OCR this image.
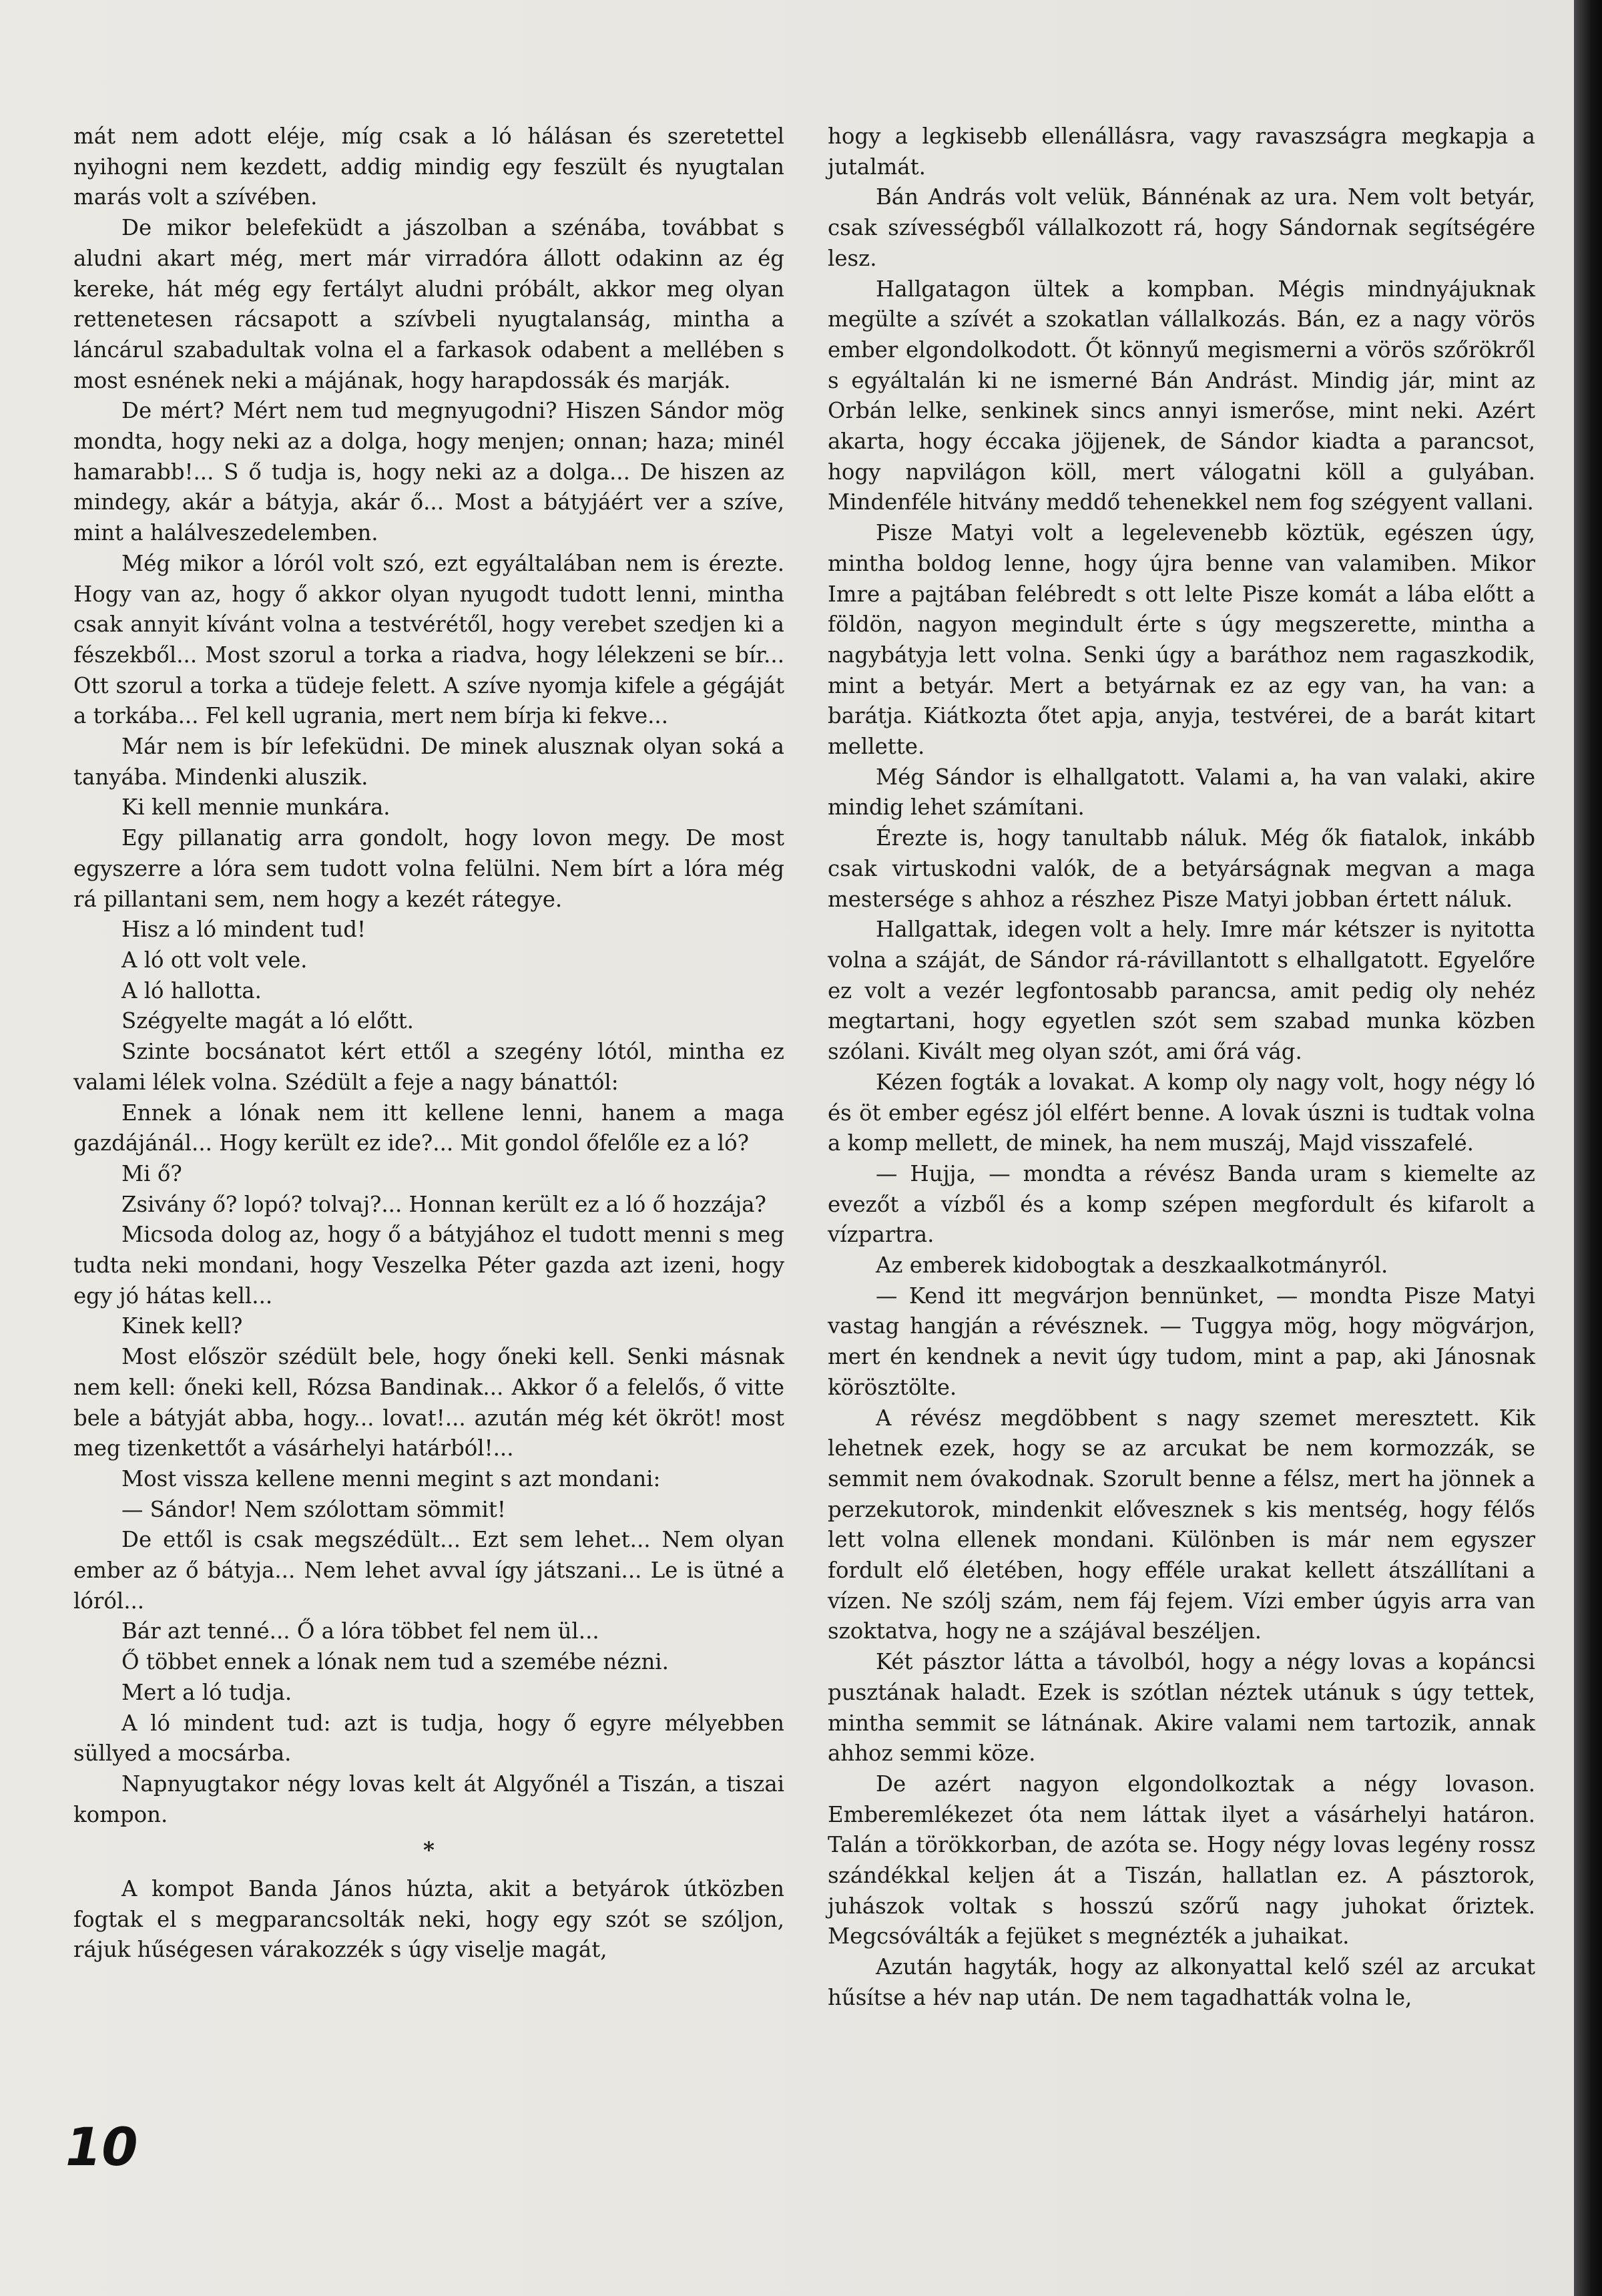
mát nem adott eléje, míg csak a ló hálásan és szeretettel nyihogni nem kezdett, addig mindig egy feszült és nyugtalan marás volt a szívében.

De mikor belefeküdt a jászolban a szénába, továbbat s aludni akart még, mert már virradóra állott odakinn az ég kereke, hát még egy fertályt aludni próbált, akkor meg olyan rettenetesen rácsapott a szívbeli nyugtalanság, mintha a láncárul szabadultak volna el a farkasok odabent a mellében s most esnének neki a májának, hogy harapdossák és marják.

De mért? Mért nem tud megnyugodni? Hiszen Sándor mög mondta, hogy neki az a dolga, hogy menjen; onnan; haza; minél hamarabb!... S ő tudja is, hogy neki az a dolga... De hiszen az mindegy, akár a bátyja, akár ő... Most a bátyjáért ver a szíve, mint a halálveszedelemben.

Még mikor a lóról volt szó, ezt egyáltalában nem is érezte. Hogy van az, hogy ő akkor olyan nyugodt tudott lenni, mintha csak annyit kívánt volna a testvérétől, hogy verebet szedjen ki a fészekből... Most szorul a torka a riadva, hogy lélekzeni se bír... Ott szorul a torka a tüdeje felett. A szíve nyomja kifele a gégáját a torkába... Fel kell ugrania, mert nem bírja ki fekve...

Már nem is bír lefeküdni. De minek alusznak olyan soká a tanyába. Mindenki aluszik.

Ki kell mennie munkára.

Egy pillanatig arra gondolt, hogy lovon megy. De most egyszerre a lóra sem tudott volna felülni. Nem bírt a lóra még rá pillantani sem, nem hogy a kezét rátegye.

Hisz a ló mindent tud!

A ló ott volt vele.

A ló hallotta.

Szégyelte magát a ló előtt.

Szinte bocsánatot kért ettől a szegény lótól, mintha ez valami lélek volna. Szédült a feje a nagy bánattól:

Ennek a lónak nem itt kellene lenni, hanem a maga gazdájánál... Hogy került ez ide?... Mit gondol őfelőle ez a ló?

Mi ő?

Zsivány ő? lopó? tolvaj?... Honnan került ez a ló ő hozzája?

Micsoda dolog az, hogy ő a bátyjához el tudott menni s meg tudta neki mondani, hogy Veszelka Péter gazda azt izeni, hogy egy jó hátas kell...

Kinek kell?

Most először szédült bele, hogy őneki kell. Senki másnak nem kell: őneki kell, Rózsa Bandinak... Akkor ő a felelős, ő vitte bele a bátyját abba, hogy... lovat!... azután még két ökröt! most meg tizenkettőt a vásárhelyi határból!...

Most vissza kellene menni megint s azt mondani:

— Sándor! Nem szólottam sömmit!

De ettől is csak megszédült... Ezt sem lehet... Nem olyan ember az ő bátyja... Nem lehet avval így játszani... Le is ütné a lóról...

Bár azt tenné... Ő a lóra többet fel nem ül...

Ő többet ennek a lónak nem tud a szemébe nézni.

Mert a ló tudja.

A ló mindent tud: azt is tudja, hogy ő egyre mélyebben süllyed a mocsárba.

Napnyugtakor négy lovas kelt át Algyőnél a Tiszán, a tiszai kompon.

*

A kompot Banda János húzta, akit a betyárok útközben fogtak el s megparancsolták neki, hogy egy szót se szóljon, rájuk hűségesen várakozzék s úgy viselje magát,

hogy a legkisebb ellenállásra, vagy ravaszságra megkapja a jutalmát.

Bán András volt velük, Bánnénak az ura. Nem volt betyár, csak szívességből vállalkozott rá, hogy Sándornak segítségére lesz.

Hallgatagon ültek a kompban. Mégis mindnyájuknak megülte a szívét a szokatlan vállalkozás. Bán, ez a nagy vörös ember elgondolkodott. Őt könnyű megismerni a vörös szőrökről s egyáltalán ki ne ismerné Bán Andrást. Mindig jár, mint az Orbán lelke, senkinek sincs annyi ismerőse, mint neki. Azért akarta, hogy éccaka jöjjenek, de Sándor kiadta a parancsot, hogy napvilágon köll, mert válogatni köll a gulyában. Mindenféle hitvány meddő tehenekkel nem fog szégyent vallani.

Pisze Matyi volt a legelevenebb köztük, egészen úgy, mintha boldog lenne, hogy újra benne van valamiben. Mikor Imre a pajtában felébredt s ott lelte Pisze komát a lába előtt a földön, nagyon megindult érte s úgy megszerette, mintha a nagybátyja lett volna. Senki úgy a baráthoz nem ragaszkodik, mint a betyár. Mert a betyárnak ez az egy van, ha van: a barátja. Kiátkozta őtet apja, anyja, testvérei, de a barát kitart mellette.

Még Sándor is elhallgatott. Valami a, ha van valaki, akire mindig lehet számítani.

Érezte is, hogy tanultabb náluk. Még ők fiatalok, inkább csak virtuskodni valók, de a betyárságnak megvan a maga mestersége s ahhoz a részhez Pisze Matyi jobban értett náluk.

Hallgattak, idegen volt a hely. Imre már kétszer is nyitotta volna a száját, de Sándor rá-rávillantott s elhallgatott. Egyelőre ez volt a vezér legfontosabb parancsa, amit pedig oly nehéz megtartani, hogy egyetlen szót sem szabad munka közben szólani. Kivált meg olyan szót, ami őrá vág.

Kézen fogták a lovakat. A komp oly nagy volt, hogy négy ló és öt ember egész jól elfért benne. A lovak úszni is tudtak volna a komp mellett, de minek, ha nem muszáj, Majd visszafelé.

— Hujja, — mondta a révész Banda uram s kiemelte az evezőt a vízből és a komp szépen megfordult és kifarolt a vízpartra.

Az emberek kidobogtak a deszkaalkotmányról.

— Kend itt megvárjon bennünket, — mondta Pisze Matyi vastag hangján a révésznek. — Tuggya mög, hogy mögvárjon, mert én kendnek a nevit úgy tudom, mint a pap, aki Jánosnak körösztölte.

A révész megdöbbent s nagy szemet meresztett. Kik lehetnek ezek, hogy se az arcukat be nem kormozzák, se semmit nem óvakodnak. Szorult benne a félsz, mert ha jönnek a perzekutorok, mindenkit elővesznek s kis mentség, hogy félős lett volna ellenek mondani. Különben is már nem egyszer fordult elő életében, hogy efféle urakat kellett átszállítani a vízen. Ne szólj szám, nem fáj fejem. Vízi ember úgyis arra van szoktatva, hogy ne a szájával beszéljen.

Két pásztor látta a távolból, hogy a négy lovas a kopáncsi pusztának haladt. Ezek is szótlan néztek utánuk s úgy tettek, mintha semmit se látnának. Akire valami nem tartozik, annak ahhoz semmi köze.

De azért nagyon elgondolkoztak a négy lovason. Emberemlékezet óta nem láttak ilyet a vásárhelyi határon. Talán a törökkorban, de azóta se. Hogy négy lovas legény rossz szándékkal keljen át a Tiszán, hallatlan ez. A pásztorok, juhászok voltak s hosszú szőrű nagy juhokat őriztek. Megcsóválták a fejüket s megnézték a juhaikat.

Azután hagyták, hogy az alkonyattal kelő szél az arcukat hűsítse a hév nap után. De nem tagadhatták volna le,

10
